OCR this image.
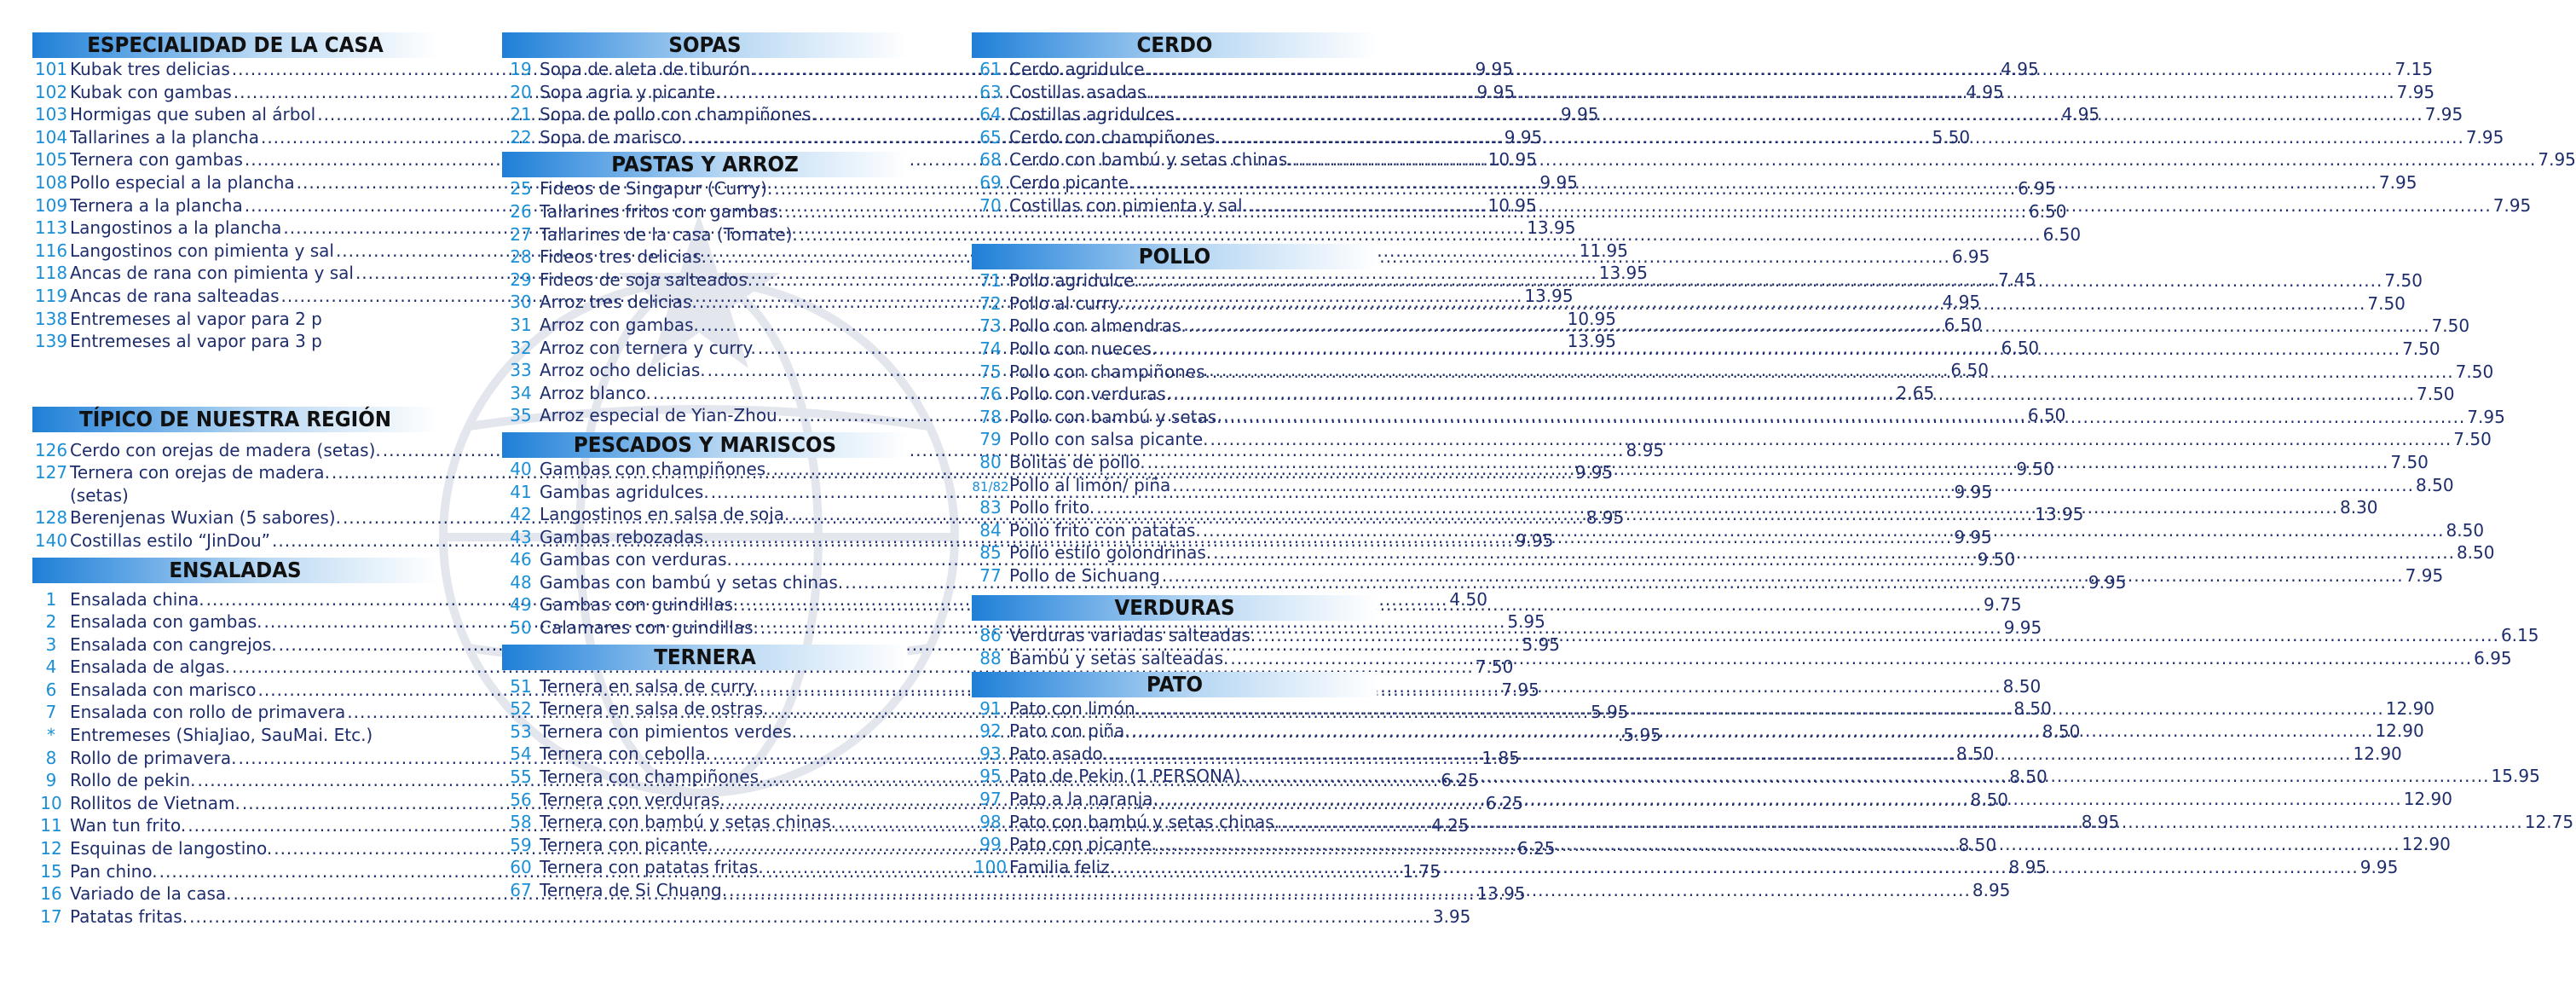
ESPECIALIDAD DE LA CASA
101 Kubak tres delicias .....	9.95
102 Kubak con gambas .....	9.95
103 Hormigas que suben al árbol .....	9.95
104 Tallarines a la plancha .....	9.95
105 Ternera con gambas .....	10.95
108 Pollo especial a la plancha .....	9.95
109 Ternera a la plancha .....	10.95
113 Langostinos a la plancha .....	13.95
116 Langostinos con pimienta y sal .....	11.95
118 Ancas de rana con pimienta y sal .....	13.95
119 Ancas de rana salteadas .....	13.95
138 Entremeses al vapor para 2 p	10.95
139 Entremeses al vapor para 3 p	13.95
TÍPICO DE NUESTRA REGIÓN
126 Cerdo con orejas de madera (setas). .....	8.95
127 Ternera con orejas de madera. .....	9.95
(setas)
128 Berenjenas Wuxian (5 sabores). .....	8.95
140 Costillas estilo “JinDou” .....	9.95
ENSALADAS
1 Ensalada china. .....	4.50
2 Ensalada con gambas. .....	5.95
3 Ensalada con cangrejos. .....	5.95
4 Ensalada de algas. .....	7.50
6 Ensalada con marisco .....	7.95
7 Ensalada con rollo de primavera .....	5.95
* Entremeses (ShiaJiao, SauMai. Etc.)	.5.95
8 Rollo de primavera. .....	1.85
9 Rollo de pekin. .....	6.25
10 Rollitos de Vietnam. .....	6.25
11 Wan tun frito. .....	4.25
12 Esquinas de langostino. .....	6.25
15 Pan chino. .....	1.75
16 Variado de la casa. .....	13.95
17 Patatas fritas. .....	3.95
SOPAS
19 Sopa de aleta de tiburón. .....	4.95
20 Sopa agria y picante. .....	4.95
21 Sopa de pollo con champiñones. .....	4.95
22 Sopa de marisco. .....	5.50
PASTAS Y ARROZ
25 Fideos de Singapur (Curry). .....	6.95
26 Tallarines fritos con gambas. .....	6.50
27 Tallarines de la casa (Tomate). .....	6.50
28 Fideos tres delicias. .....	6.95
29 Fideos de soja salteados. .....	7.45
30 Arroz tres delicias. .....	4.95
31 Arroz con gambas. .....	6.50
32 Arroz con ternera y curry. .....	6.50
33 Arroz ocho delicias. .....	6.50
34 Arroz blanco. .....	2.65
35 Arroz especial de Yian-Zhou. .....	6.50
PESCADOS Y MARISCOS
40 Gambas con champiñones. .....	9.50
41 Gambas agridulces. .....	9.95
42 Langostinos en salsa de soja. .....	13.95
43 Gambas rebozadas. .....	9.95
46 Gambas con verduras. .....	9.50
48 Gambas con bambú y setas chinas. .....	9.95
49 Gambas con guindillas. .....	9.75
50 Calamares con guindillas. .....	9.95
TERNERA
51 Ternera en salsa de curry. .....	8.50
52 Ternera en salsa de ostras. .....	8.50
53 Ternera con pimientos verdes. .....	8.50
54 Ternera con cebolla. .....	8.50
55 Ternera con champiñones. .....	8.50
56 Ternera con verduras. .....	8.50
58 Ternera con bambú y setas chinas. .....	8.95
59 Ternera con picante. .....	8.50
60 Ternera con patatas fritas. .....	8.95
67 Ternera de Si Chuang. .....	8.95
CERDO
61 Cerdo agridulce. .....	7.15
63 Costillas asadas. .....	7.95
64 Costillas agridulces. .....	7.95
65 Cerdo con champiñones. .....	7.95
68 Cerdo con bambú y setas chinas. .....	7.95
69 Cerdo picante. .....	7.95
70 Costillas con pimienta y sal. .....	7.95
POLLO
71 Pollo agridulce. .....	7.50
72 Pollo al curry. .....	7.50
73 Pollo con almendras. .....	7.50
74 Pollo con nueces. .....	7.50
75 Pollo con champiñones. .....	7.50
76 Pollo con verduras. .....	7.50
78 Pollo con bambú y setas. .....	7.95
79 Pollo con salsa picante. .....	7.50
80 Bolitas de pollo. .....	7.50
81/82 Pollo al limón/ piña .....	8.50
83 Pollo frito. .....	8.30
84 Pollo frito con patatas. .....	8.50
85 Pollo estilo golondrinas. .....	8.50
77 Pollo de Sichuang .....	7.95
VERDURAS
86 Verduras variadas salteadas. .....	6.15
88 Bambú y setas salteadas. .....	6.95
PATO
91 Pato con limón. .....	12.90
92 Pato con piña. .....	12.90
93 Pato asado. .....	12.90
95 Pato de Pekin (1 PERSONA). .....	15.95
97 Pato a la naranja. .....	12.90
98 Pato con bambú y setas chinas. .....	12.75
99 Pato con picante. .....	12.90
100 Familia feliz. .....	9.95
